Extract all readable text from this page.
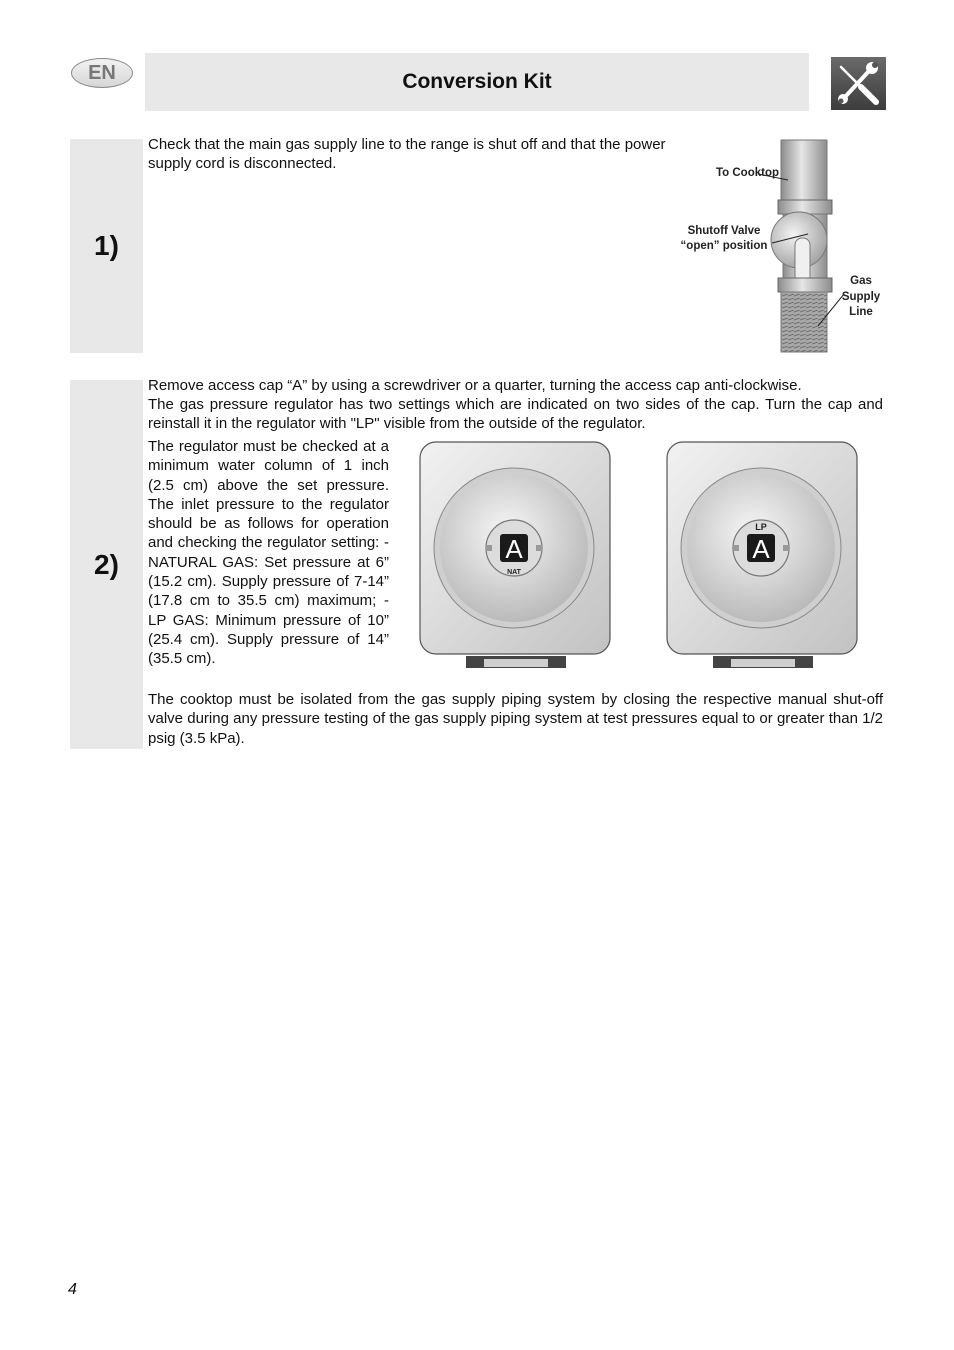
EN	Conversion Kit
1)

Check that the main gas supply line to the range is shut off and that the power supply cord is disconnected.

To Cooktop
Shutoff Valve
“open” position
Gas
Supply
Line
2)

Remove access cap “A” by using a screwdriver or a quarter, turning the access cap anti-clockwise.

The gas pressure regulator has two settings which are indicated on two sides of the cap. Turn the cap and reinstall it in the regulator with "LP" visible from the outside of the regulator.

The regulator must be checked at a minimum water column of 1 inch (2.5 cm) above the set pressure. The inlet pressure to the regulator should be as follows for operation and checking the regulator setting: - NATURAL GAS: Set pressure at 6” (15.2 cm). Supply pressure of 7-14” (17.8 cm to 35.5 cm) maximum; - LP GAS: Minimum pressure of 10” (25.4 cm). Supply pressure of 14” (35.5 cm).

A
NAT
LP
A

The cooktop must be isolated from the gas supply piping system by closing the respective manual shut-off valve during any pressure testing of the gas supply piping system at test pressures equal to or greater than 1/2 psig (3.5 kPa).

4
